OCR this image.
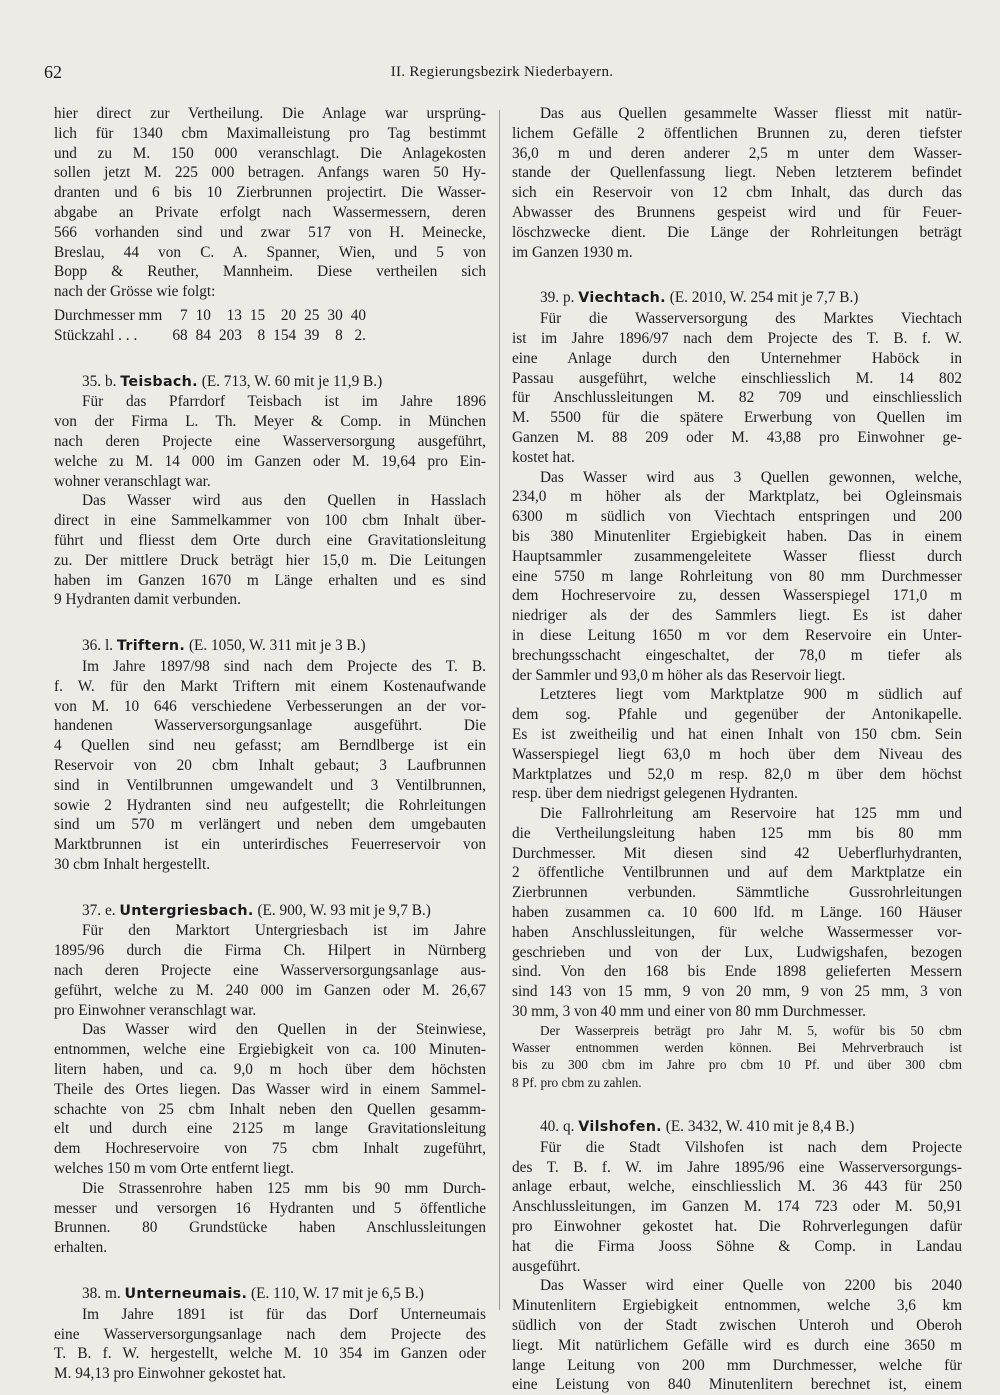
62	II. Regierungsbezirk Niederbayern.
hier direct zur Vertheilung. Die Anlage war ursprüng-
lich für 1340 cbm Maximalleistung pro Tag bestimmt
und zu M. 150 000 veranschlagt. Die Anlagekosten
sollen jetzt M. 225 000 betragen. Anfangs waren 50 Hy-
dranten und 6 bis 10 Zierbrunnen projectirt. Die Wasser-
abgabe an Private erfolgt nach Wassermessern, deren
566 vorhanden sind und zwar 517 von H. Meinecke,
Breslau, 44 von C. A. Spanner, Wien, und 5 von
Bopp & Reuther, Mannheim. Diese vertheilen sich
nach der Grösse wie folgt:
Durchmesser mm	7	10	13	15	20	25	30	40
Stückzahl . . .	68	84	203	8	154	39	8	2.

35. b. Teisbach. (E. 713, W. 60 mit je 11,9 B.)

Für das Pfarrdorf Teisbach ist im Jahre 1896
von der Firma L. Th. Meyer & Comp. in München
nach deren Projecte eine Wasserversorgung ausgeführt,
welche zu M. 14 000 im Ganzen oder M. 19,64 pro Ein-
wohner veranschlagt war.
Das Wasser wird aus den Quellen in Hasslach
direct in eine Sammelkammer von 100 cbm Inhalt über-
führt und fliesst dem Orte durch eine Gravitationsleitung
zu. Der mittlere Druck beträgt hier 15,0 m. Die Leitungen
haben im Ganzen 1670 m Länge erhalten und es sind
9 Hydranten damit verbunden.

36. l. Triftern. (E. 1050, W. 311 mit je 3 B.)

Im Jahre 1897/98 sind nach dem Projecte des T. B.
f. W. für den Markt Triftern mit einem Kostenaufwande
von M. 10 646 verschiedene Verbesserungen an der vor-
handenen Wasserversorgungsanlage ausgeführt. Die
4 Quellen sind neu gefasst; am Berndlberge ist ein
Reservoir von 20 cbm Inhalt gebaut; 3 Laufbrunnen
sind in Ventilbrunnen umgewandelt und 3 Ventilbrunnen,
sowie 2 Hydranten sind neu aufgestellt; die Rohrleitungen
sind um 570 m verlängert und neben dem umgebauten
Marktbrunnen ist ein unterirdisches Feuerreservoir von
30 cbm Inhalt hergestellt.

37. e. Untergriesbach. (E. 900, W. 93 mit je 9,7 B.)

Für den Marktort Untergriesbach ist im Jahre
1895/96 durch die Firma Ch. Hilpert in Nürnberg
nach deren Projecte eine Wasserversorgungsanlage aus-
geführt, welche zu M. 240 000 im Ganzen oder M. 26,67
pro Einwohner veranschlagt war.
Das Wasser wird den Quellen in der Steinwiese,
entnommen, welche eine Ergiebigkeit von ca. 100 Minuten-
litern haben, und ca. 9,0 m hoch über dem höchsten
Theile des Ortes liegen. Das Wasser wird in einem Sammel-
schachte von 25 cbm Inhalt neben den Quellen gesamm-
elt und durch eine 2125 m lange Gravitationsleitung
dem Hochreservoire von 75 cbm Inhalt zugeführt,
welches 150 m vom Orte entfernt liegt.
Die Strassenrohre haben 125 mm bis 90 mm Durch-
messer und versorgen 16 Hydranten und 5 öffentliche
Brunnen. 80 Grundstücke haben Anschlussleitungen
erhalten.

38. m. Unterneumais. (E. 110, W. 17 mit je 6,5 B.)

Im Jahre 1891 ist für das Dorf Unterneumais
eine Wasserversorgungsanlage nach dem Projecte des
T. B. f. W. hergestellt, welche M. 10 354 im Ganzen oder
M. 94,13 pro Einwohner gekostet hat.
Das aus Quellen gesammelte Wasser fliesst mit natür-
lichem Gefälle 2 öffentlichen Brunnen zu, deren tiefster
36,0 m und deren anderer 2,5 m unter dem Wasser-
stande der Quellenfassung liegt. Neben letzterem befindet
sich ein Reservoir von 12 cbm Inhalt, das durch das
Abwasser des Brunnens gespeist wird und für Feuer-
löschzwecke dient. Die Länge der Rohrleitungen beträgt
im Ganzen 1930 m.

39. p. Viechtach. (E. 2010, W. 254 mit je 7,7 B.)

Für die Wasserversorgung des Marktes Viechtach
ist im Jahre 1896/97 nach dem Projecte des T. B. f. W.
eine Anlage durch den Unternehmer Haböck in
Passau ausgeführt, welche einschliesslich M. 14 802
für Anschlussleitungen M. 82 709 und einschliesslich
M. 5500 für die spätere Erwerbung von Quellen im
Ganzen M. 88 209 oder M. 43,88 pro Einwohner ge-
kostet hat.
Das Wasser wird aus 3 Quellen gewonnen, welche,
234,0 m höher als der Marktplatz, bei Ogleinsmais
6300 m südlich von Viechtach entspringen und 200
bis 380 Minutenliter Ergiebigkeit haben. Das in einem
Hauptsammler zusammengeleitete Wasser fliesst durch
eine 5750 m lange Rohrleitung von 80 mm Durchmesser
dem Hochreservoire zu, dessen Wasserspiegel 171,0 m
niedriger als der des Sammlers liegt. Es ist daher
in diese Leitung 1650 m vor dem Reservoire ein Unter-
brechungsschacht eingeschaltet, der 78,0 m tiefer als
der Sammler und 93,0 m höher als das Reservoir liegt.
Letzteres liegt vom Marktplatze 900 m südlich auf
dem sog. Pfahle und gegenüber der Antonikapelle.
Es ist zweitheilig und hat einen Inhalt von 150 cbm. Sein
Wasserspiegel liegt 63,0 m hoch über dem Niveau des
Marktplatzes und 52,0 m resp. 82,0 m über dem höchst
resp. über dem niedrigst gelegenen Hydranten.
Die Fallrohrleitung am Reservoire hat 125 mm und
die Vertheilungsleitung haben 125 mm bis 80 mm
Durchmesser. Mit diesen sind 42 Ueberflurhydranten,
2 öffentliche Ventilbrunnen und auf dem Marktplatze ein
Zierbrunnen verbunden. Sämmtliche Gussrohrleitungen
haben zusammen ca. 10 600 lfd. m Länge. 160 Häuser
haben Anschlussleitungen, für welche Wassermesser vor-
geschrieben und von der Lux, Ludwigshafen, bezogen
sind. Von den 168 bis Ende 1898 gelieferten Messern
sind 143 von 15 mm, 9 von 20 mm, 9 von 25 mm, 3 von
30 mm, 3 von 40 mm und einer von 80 mm Durchmesser.
Der Wasserpreis beträgt pro Jahr M. 5, wofür bis 50 cbm
Wasser entnommen werden können. Bei Mehrverbrauch ist
bis zu 300 cbm im Jahre pro cbm 10 Pf. und über 300 cbm
8 Pf. pro cbm zu zahlen.

40. q. Vilshofen. (E. 3432, W. 410 mit je 8,4 B.)

Für die Stadt Vilshofen ist nach dem Projecte
des T. B. f. W. im Jahre 1895/96 eine Wasserversorgungs-
anlage erbaut, welche, einschliesslich M. 36 443 für 250
Anschlussleitungen, im Ganzen M. 174 723 oder M. 50,91
pro Einwohner gekostet hat. Die Rohrverlegungen dafür
hat die Firma Jooss Söhne & Comp. in Landau
ausgeführt.
Das Wasser wird einer Quelle von 2200 bis 2040
Minutenlitern Ergiebigkeit entnommen, welche 3,6 km
südlich von der Stadt zwischen Unteroh und Oberoh
liegt. Mit natürlichem Gefälle wird es durch eine 3650 m
lange Leitung von 200 mm Durchmesser, welche für
eine Leistung von 840 Minutenlitern berechnet ist, einem
